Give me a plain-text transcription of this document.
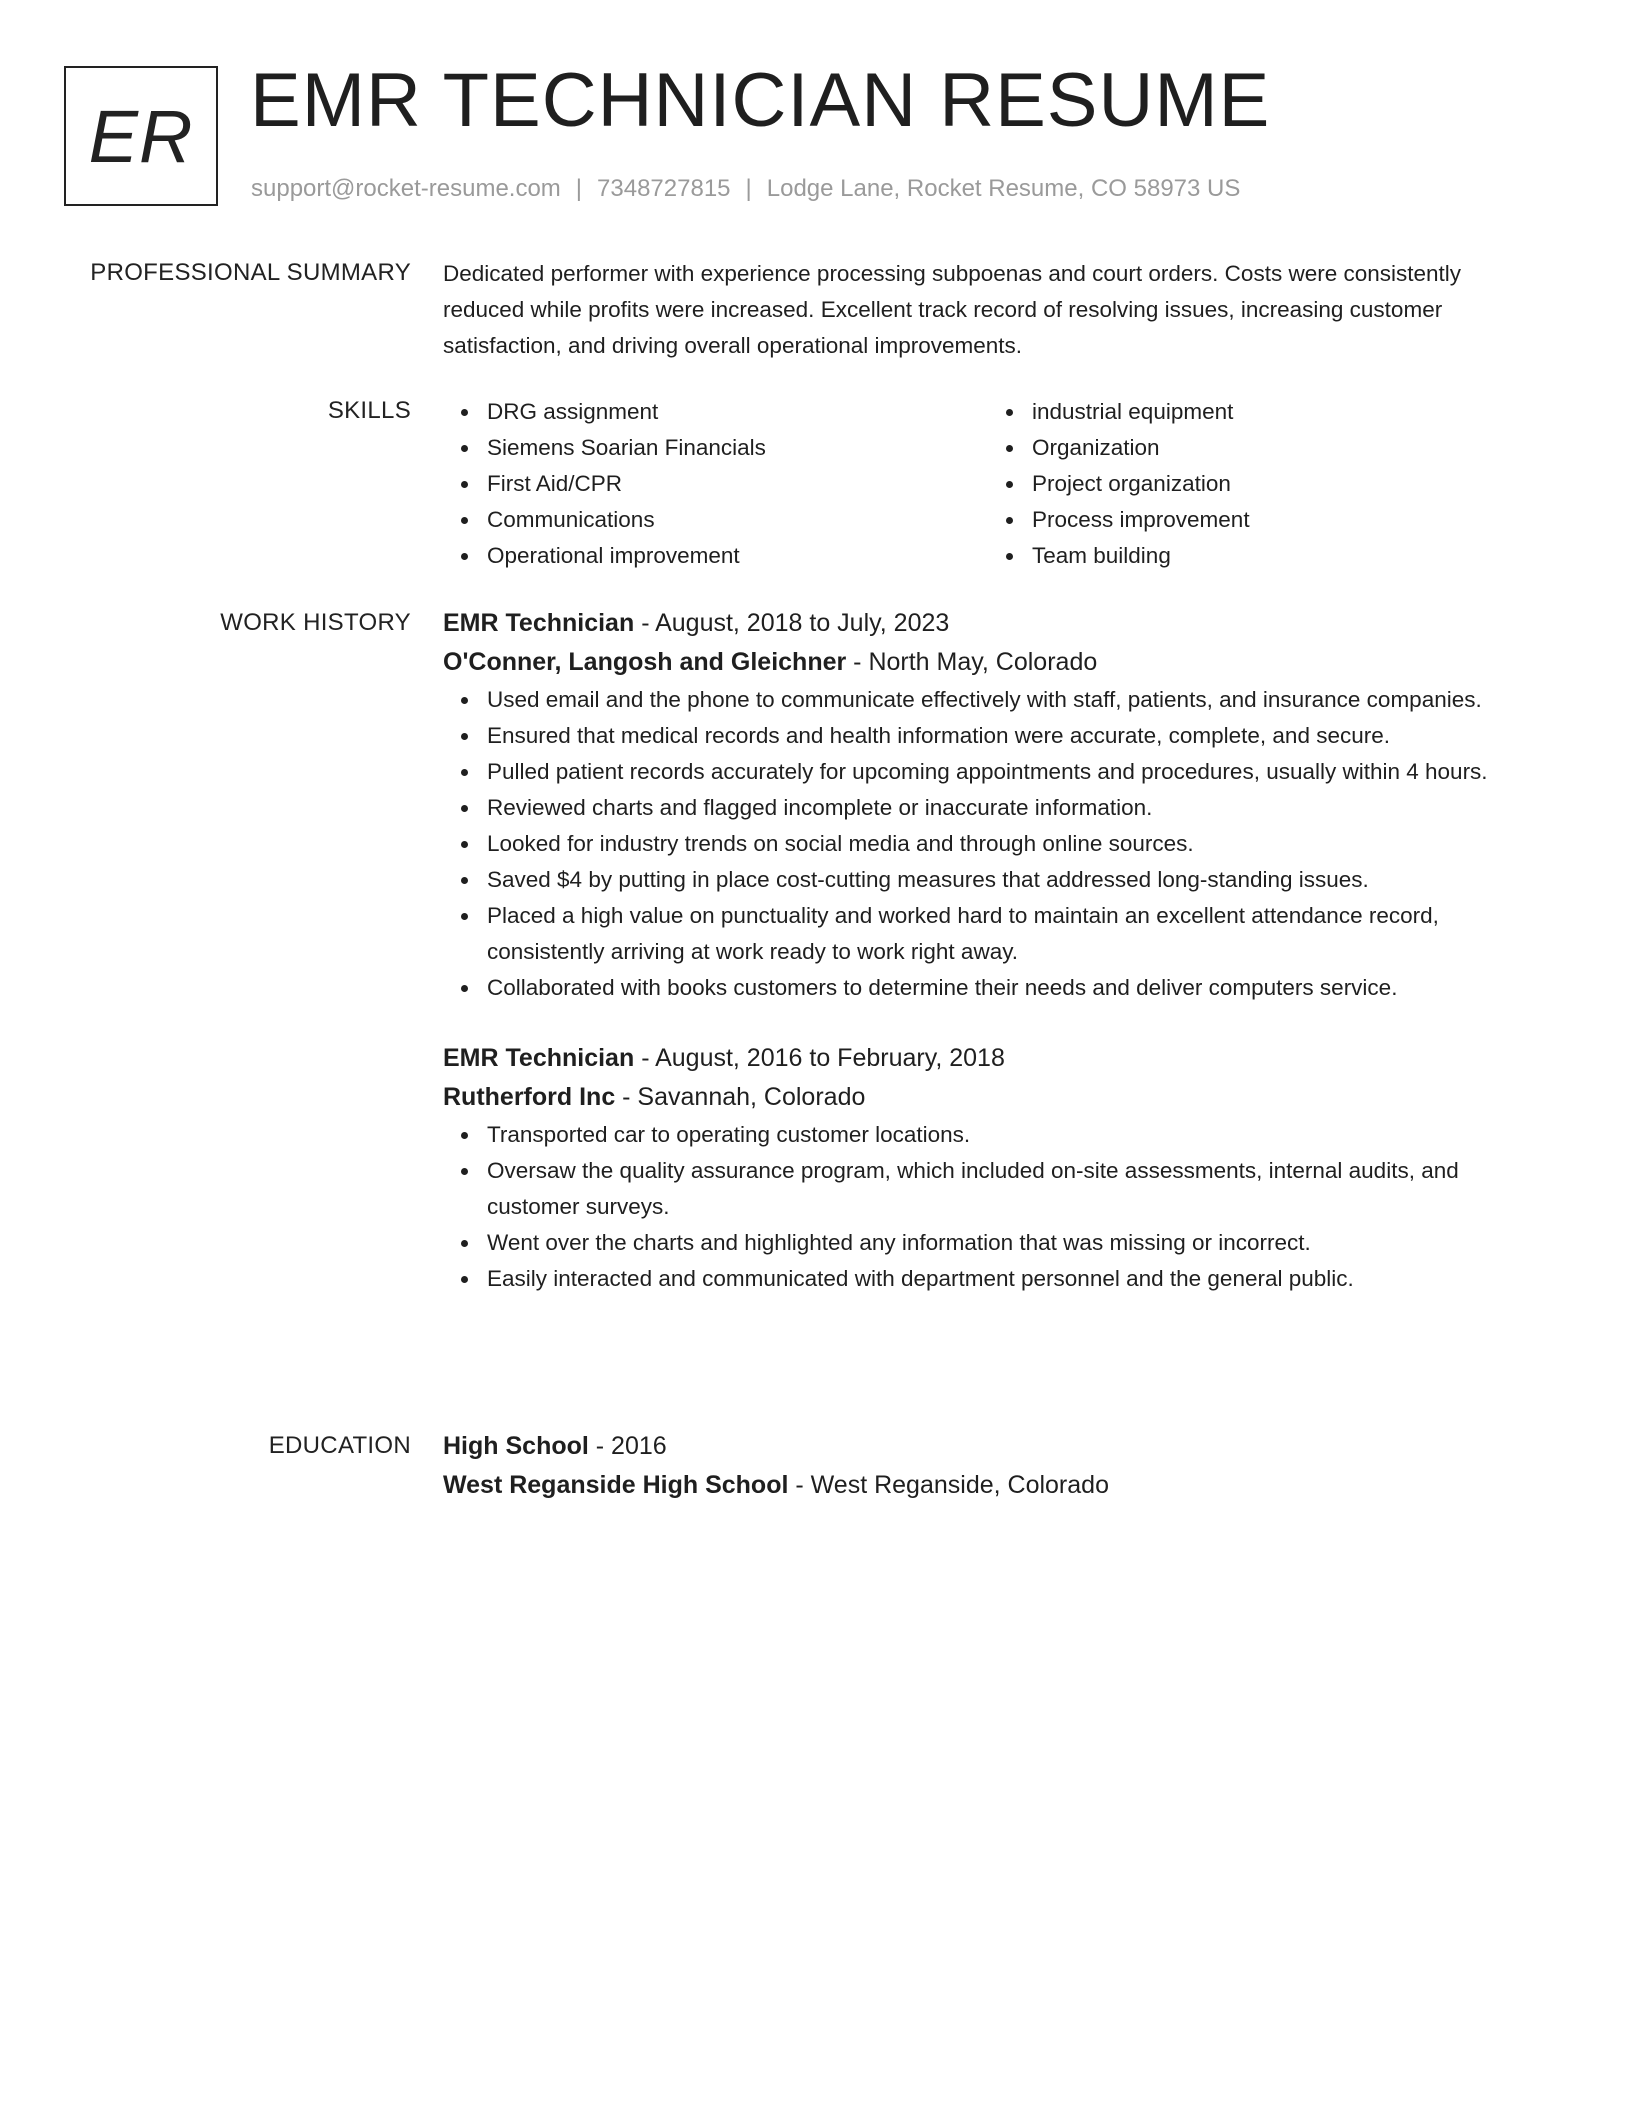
ER EMR TECHNICIAN RESUME
support@rocket-resume.com | 7348727815 | Lodge Lane, Rocket Resume, CO 58973 US
PROFESSIONAL SUMMARY Dedicated performer with experience processing subpoenas and court orders. Costs were consistently reduced while profits were increased. Excellent track record of resolving issues, increasing customer satisfaction, and driving overall operational improvements.

SKILLS	DRG assignment
Siemens Soarian Financials
First Aid/CPR
Communications
Operational improvement
industrial equipment
Organization
Project organization
Process improvement
Team building
WORK HISTORY EMR Technician - August, 2018 to July, 2023
O'Conner, Langosh and Gleichner - North May, Colorado
Used email and the phone to communicate effectively with staff, patients, and insurance companies.
Ensured that medical records and health information were accurate, complete, and secure.
Pulled patient records accurately for upcoming appointments and procedures, usually within 4 hours.
Reviewed charts and flagged incomplete or inaccurate information.
Looked for industry trends on social media and through online sources.
Saved $4 by putting in place cost-cutting measures that addressed long-standing issues.
Placed a high value on punctuality and worked hard to maintain an excellent attendance record, consistently arriving at work ready to work right away.
Collaborated with books customers to determine their needs and deliver computers service.
EMR Technician - August, 2016 to February, 2018
Rutherford Inc - Savannah, Colorado
Transported car to operating customer locations.
Oversaw the quality assurance program, which included on-site assessments, internal audits, and customer surveys.
Went over the charts and highlighted any information that was missing or incorrect.
Easily interacted and communicated with department personnel and the general public.
EDUCATION High School - 2016
West Reganside High School - West Reganside, Colorado
